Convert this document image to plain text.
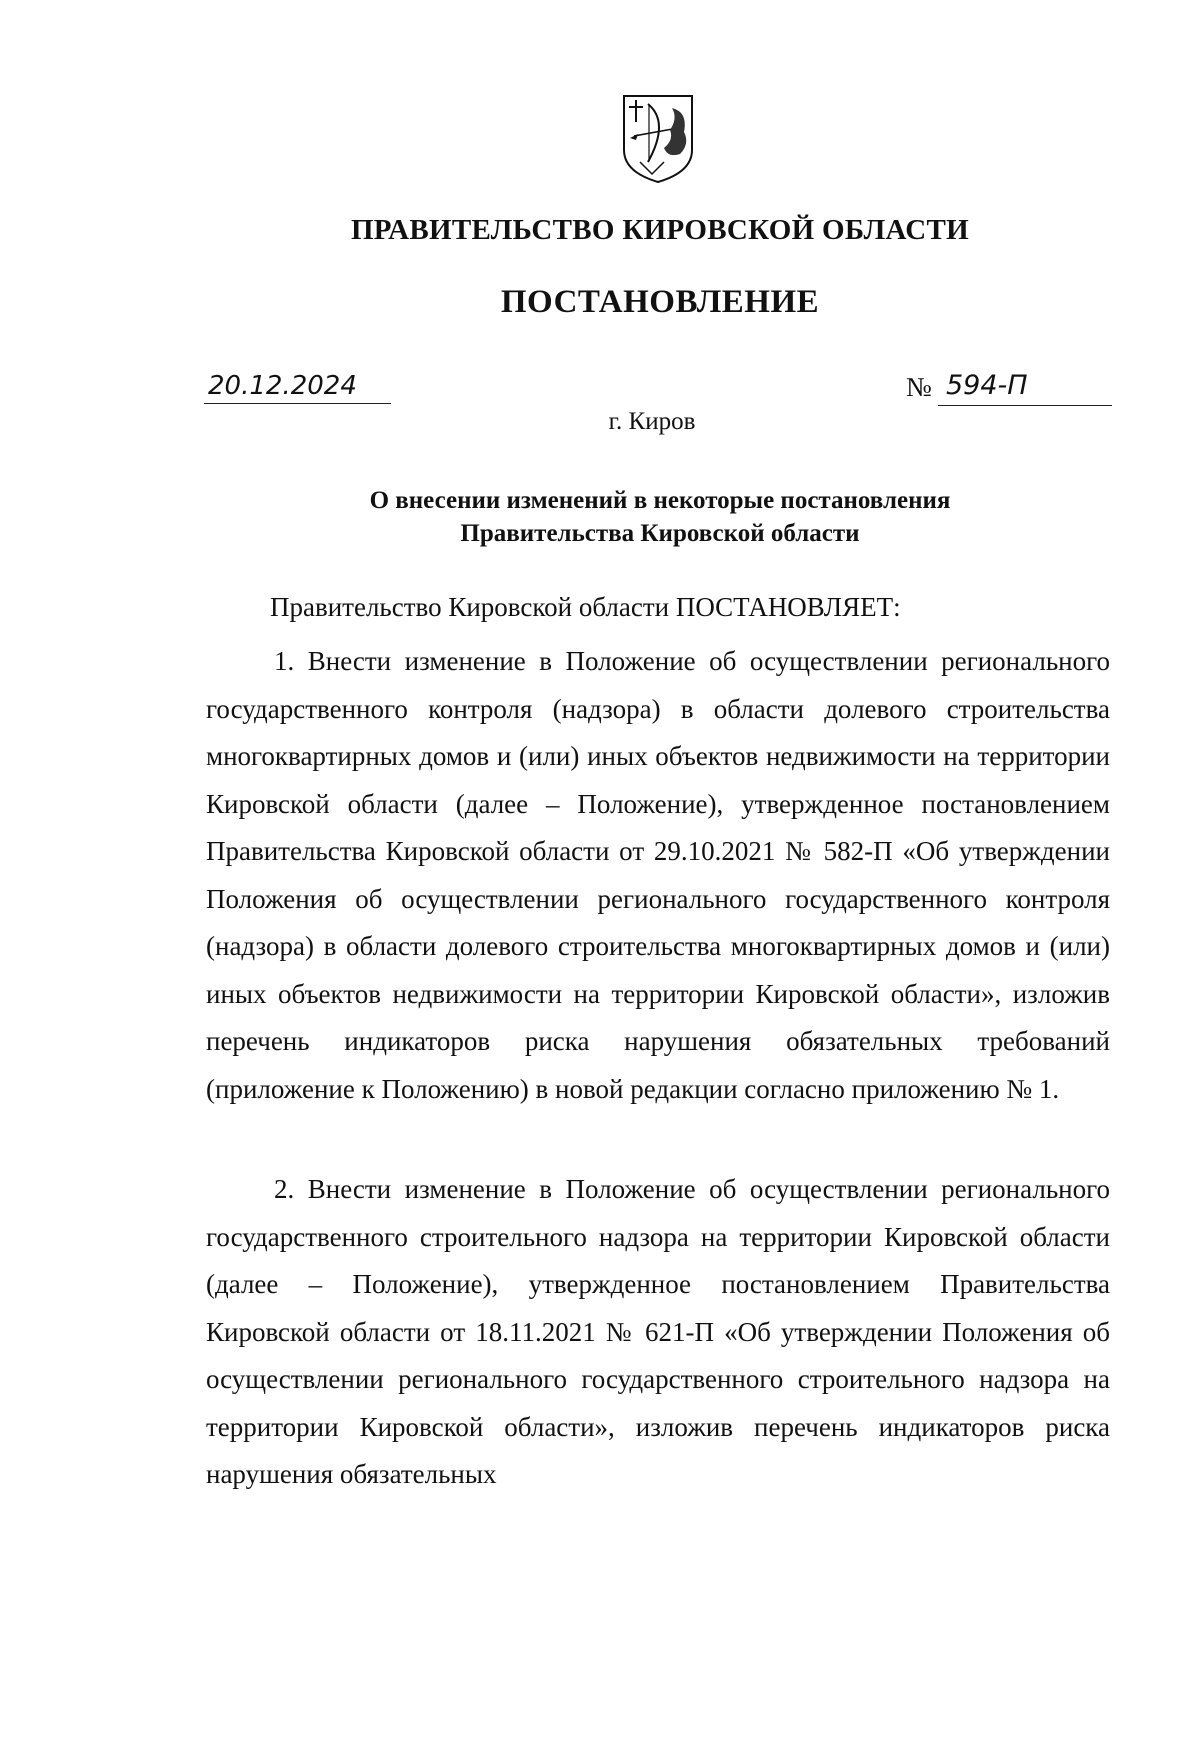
ПРАВИТЕЛЬСТВО КИРОВСКОЙ ОБЛАСТИ
ПОСТАНОВЛЕНИЕ
20.12.2024	№ 594-П
г. Киров
О внесении изменений в некоторые постановления
Правительства Кировской области
Правительство Кировской области ПОСТАНОВЛЯЕТ:

1. Внести изменение в Положение об осуществлении регионального государственного контроля (надзора) в области долевого строительства многоквартирных домов и (или) иных объектов недвижимости на территории Кировской области (далее – Положение), утвержденное постановлением Правительства Кировской области от 29.10.2021 № 582-П «Об утверждении Положения об осуществлении регионального государственного контроля (надзора) в области долевого строительства многоквартирных домов и (или) иных объектов недвижимости на территории Кировской области», изложив перечень индикаторов риска нарушения обязательных требований (приложение к Положению) в новой редакции согласно приложению № 1.

2. Внести изменение в Положение об осуществлении регионального государственного строительного надзора на территории Кировской области (далее – Положение), утвержденное постановлением Правительства Кировской области от 18.11.2021 № 621-П «Об утверждении Положения об осуществлении регионального государственного строительного надзора на территории Кировской области», изложив перечень индикаторов риска нарушения обязательных
